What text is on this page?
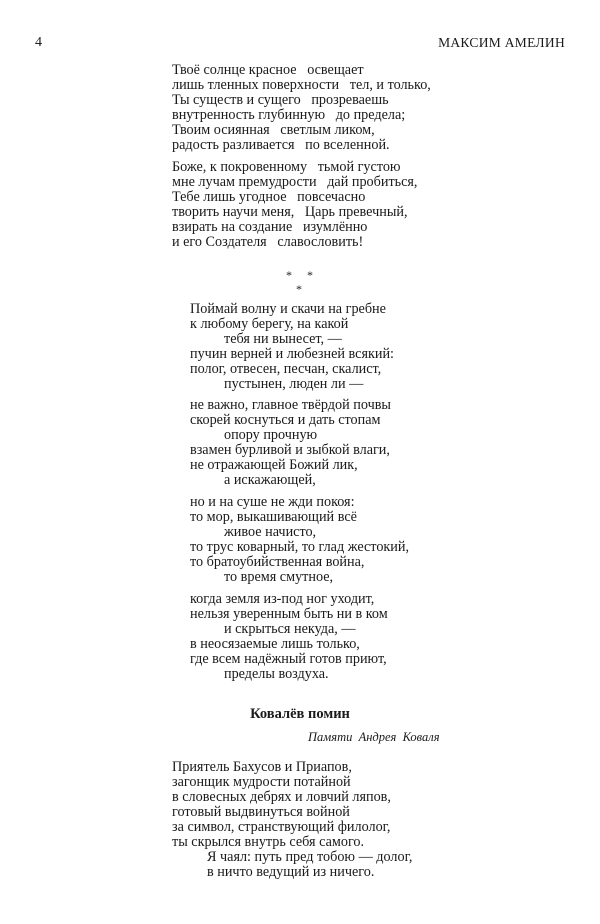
4	МАКСИМ АМЕЛИН
Твоё солнце красное   освещает
лишь тленных поверхности   тел, и только,
Ты существ и сущего   прозреваешь
внутренность глубинную   до предела;
Твоим осиянная   светлым ликом,
радость разливается   по вселенной.
Боже, к покровенному   тьмой густою
мне лучам премудрости   дай пробиться,
Тебе лишь угодное   повсечасно
творить научи меня,   Царь превечный,
взирать на создание   изумлённо
и его Создателя   славословить!
* *
*
Поймай волну и скачи на гребне
к любому берегу, на какой
тебя ни вынесет, —
пучин верней и любезней всякий:
полог, отвесен, песчан, скалист,
пустынен, люден ли —
не важно, главное твёрдой почвы
скорей коснуться и дать стопам
опору прочную
взамен бурливой и зыбкой влаги,
не отражающей Божий лик,
а искажающей,
но и на суше не жди покоя:
то мор, выкашивающий всё
живое начисто,
то трус коварный, то глад жестокий,
то братоубийственная война,
то время смутное,
когда земля из-под ног уходит,
нельзя уверенным быть ни в ком
и скрыться некуда, —
в неосязаемые лишь только,
где всем надёжный готов приют,
пределы воздуха.
Ковалёв помин
Памяти  Андрея  Коваля
Приятель Бахусов и Приапов,
загонщик мудрости потайной
в словесных дебрях и ловчий ляпов,
готовый выдвинуться войной
за символ, странствующий филолог,
ты скрылся внутрь себя самого.
Я чаял: путь пред тобою — долог,
в ничто ведущий из ничего.
